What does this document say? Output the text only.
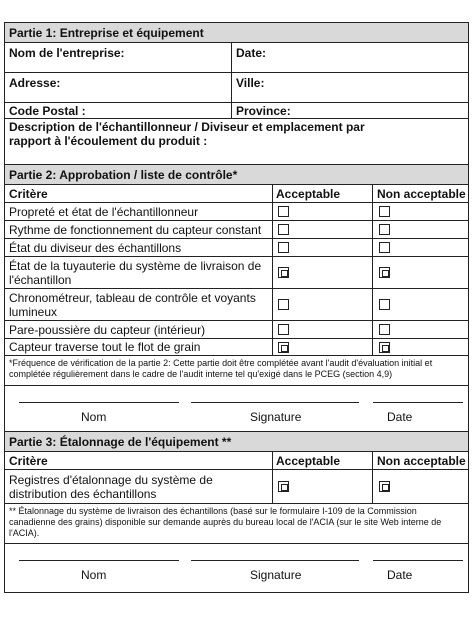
Partie 1: Entreprise et équipement
Nom de l'entreprise:	Date:
Adresse:	Ville:
Code Postal :	Province:
Description de l'échantillonneur / Diviseur et emplacement par rapport à l'écoulement du produit :
Partie 2: Approbation / liste de contrôle*
Critère	Acceptable	Non acceptable
Propreté et état de l'échantillonneur
Rythme de fonctionnement du capteur constant
État du diviseur des échantillons
État de la tuyauterie du système de livraison de l'échantillon
Chronométreur, tableau de contrôle et voyants lumineux
Pare-poussière du capteur (intérieur)
Capteur traverse tout le flot de grain
*Fréquence de vérification de la partie 2: Cette partie doit être complétée avant l'audit d'évaluation initial et complétée régulièrement dans le cadre de l'audit interne tel qu'exigé dans le PCEG (section 4,9)
Nom	Signature	Date
Partie 3: Étalonnage de l'équipement **
Critère	Acceptable	Non acceptable
Registres d'étalonnage du système de distribution des échantillons
** Étalonnage du système de livraison des échantillons (basé sur le formulaire I-109 de la Commission canadienne des grains) disponible sur demande auprès du bureau local de l'ACIA (sur le site Web interne de l'ACIA).
Nom	Signature	Date
